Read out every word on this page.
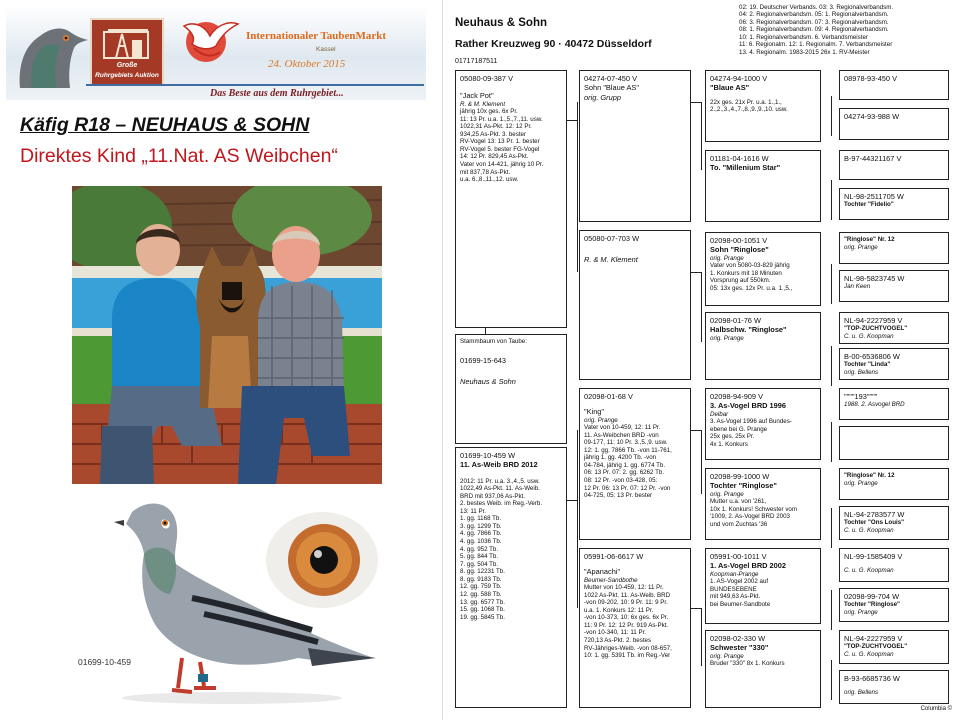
Große
Ruhrgebiets Auktion
Internationaler TaubenMarkt
Kassel
24. Oktober 2015
Das Beste aus dem Ruhrgebiet...
Käfig R18 – NEUHAUS & SOHN
Direktes Kind „11.Nat. AS Weibchen“
01699-10-459
Neuhaus & Sohn
Rather Kreuzweg 90 · 40472 Düsseldorf
01717187511
02: 19. Deutscher Verbands. 03: 3. Regionalverbandsm.
04: 2. Regionalverbandsm. 05: 1. Regionalverbandsm.
06: 3. Regionalverbandsm. 07: 3. Regionalverbandsm.
08: 1. Regionalverbandsm. 09: 4. Regionalverbandsm.
10: 1. Regionalverbandsm. 6. Verbandsmeister
11: 6. Regionalm. 12: 1. Regionalm. 7. Verbandsmeister
13. 4. Regionalm. 1983-2015 26x 1. RV-Meister
Columbia ©
Stammbaum von Taube:
01699-15-643
Neuhaus & Sohn
05080-09-387 V
"Jack Pot"
R. & M. Klement
jährig 10x ges. 6x Pr.
11: 13 Pr. u.a. 1.,5.,7.,11. usw.
1022,31 As-Pkt. 12: 12 Pr.
934,25 As-Pkt. 3. bester
RV-Vogel 13: 13 Pr. 1. bester
RV-Vogel 5. bester FG-Vogel
14: 12 Pr. 829,45 As-Pkt.
Vater von 14-421, jährig 10 Pr.
mit 837,78 As-Pkt.
u.a. 6.,8.,11.,12. usw.
01699-10-459 W
11. As-Weib BRD 2012
2012: 11 Pr. u.a. 3.,4.,5. usw.
1022,49 As-Pkt. 11. As-Weib.
BRD mit 937,06 As-Pkt.
2. bestes Weib. im Reg.-Verb.
13: 11 Pr.
1. gg. 1168 Tb.
3. gg. 1299 Tb.
4. gg. 7866 Tb.
4. gg. 1036 Tb.
4. gg. 952 Tb.
5. gg. 844 Tb.
7. gg. 504 Tb.
8. gg. 12231 Tb.
8. gg. 9183 Tb.
12. gg. 759 Tb.
12. gg. 588 Tb.
13. gg. 6577 Tb.
15. gg. 1068 Tb.
19. gg. 5845 Tb.
04274-07-450 V
Sohn "Blaue AS"
orig. Grupp
05080-07-703 W
R. & M. Klement
02098-01-68 V
"King"
orig. Prange
Vater von 10-459, 12: 11 Pr.
11. As-Weibchen BRD -von
09-177, 11: 10 Pr. 3.,5.,9. usw.
12: 1. gg. 7866 Tb. -von 11-761,
jährig 1. gg. 4200 Tb. -von
04-784, jährig 1. gg. 6774 Tb.
06: 13 Pr. 07: 2. gg. 6262 Tb.
08: 12 Pr. -von 03-428, 05:
12 Pr. 06: 13 Pr. 07: 12 Pr. -von
04-725, 05: 13 Pr. bester
05991-06-6617 W
"Apanachi"
Beumer-Sandbothe
Mutter von 10-459, 12: 11 Pr.
1022 As-Pkt. 11. As-Weib. BRD
-von 09-202, 10: 9 Pr. 11: 9 Pr.
u.a. 1. Konkurs 12: 11 Pr.
-von 10-373, 10: 6x ges. 6x Pr.
11: 9 Pr. 12: 12 Pr. 919 As-Pkt.
-von 10-340, 11: 11 Pr.
720,13 As-Pkt. 2. bestes
RV-Jähriges-Weib. -von 08-657,
10: 1. gg. 5391 Tb. im Reg.-Ver
04274-94-1000 V
"Blaue AS"
22x ges. 21x Pr. u.a. 1.,1.,
2.,2.,3.,4.,7.,8.,9.,9.,10. usw.
01181-04-1616 W
To. "Millenium Star"
02098-00-1051 V
Sohn "Ringlose"
orig. Prange
Vater von 5080-03-829 jährig
1. Konkurs mit 18 Minuten
Vorsprung auf 550km.
05: 13x ges. 12x Pr. u.a. 1.,5.,
02098-01-76 W
Halbschw. "Ringlose"
orig. Prange
02098-94-909 V
3. As-Vogel BRD 1996
Delbar
3. As-Vogel 1996 auf Bundes-
ebene bei G. Prange
25x ges. 25x Pr.
4x 1. Konkurs
02098-99-1000 W
Tochter "Ringlose"
orig. Prange
Mutter u.a. von '261,
10x 1. Konkurs! Schwester vom
'1009, 2. As-Vogel BRD 2003
und vom Zuchtas '36
05991-00-1011 V
1. As-Vogel BRD 2002
Koopman-Prange
1. AS-Vogel 2002 auf
BUNDESEBENE
mit 949,63 As-Pkt.
bei Beumer-Sandbote
02098-02-330 W
Schwester "330"
orig. Prange
Bruder "330" 8x 1. Konkurs
08978-93-450 V
04274-93-988 W
B-97-44321167 V
NL-98-2511705 W
Tochter "Fidelio"
"Ringlose" Nr. 12
orig. Prange
NL-98-5823745 W
Jan Keen
NL-94-2227959 V
"TOP-ZUCHTVOGEL"
C. u. G. Koopman
B-00-6536806 W
Tochter "Linda"
orig. Bellens
""""193""""
1988. 2. Asvogel BRD
"Ringlose" Nr. 12
orig. Prange
NL-94-2783577 W
Tochter "Ons Louis"
C. u. G. Koopman
NL-99-1585409 V
C. u. G. Koopman
02098-99-704 W
Tochter "Ringlose"
orig. Prange
NL-94-2227959 V
"TOP-ZUCHTVOGEL"
C. u. G. Koopman
B-93-6685736 W
orig. Bellens
